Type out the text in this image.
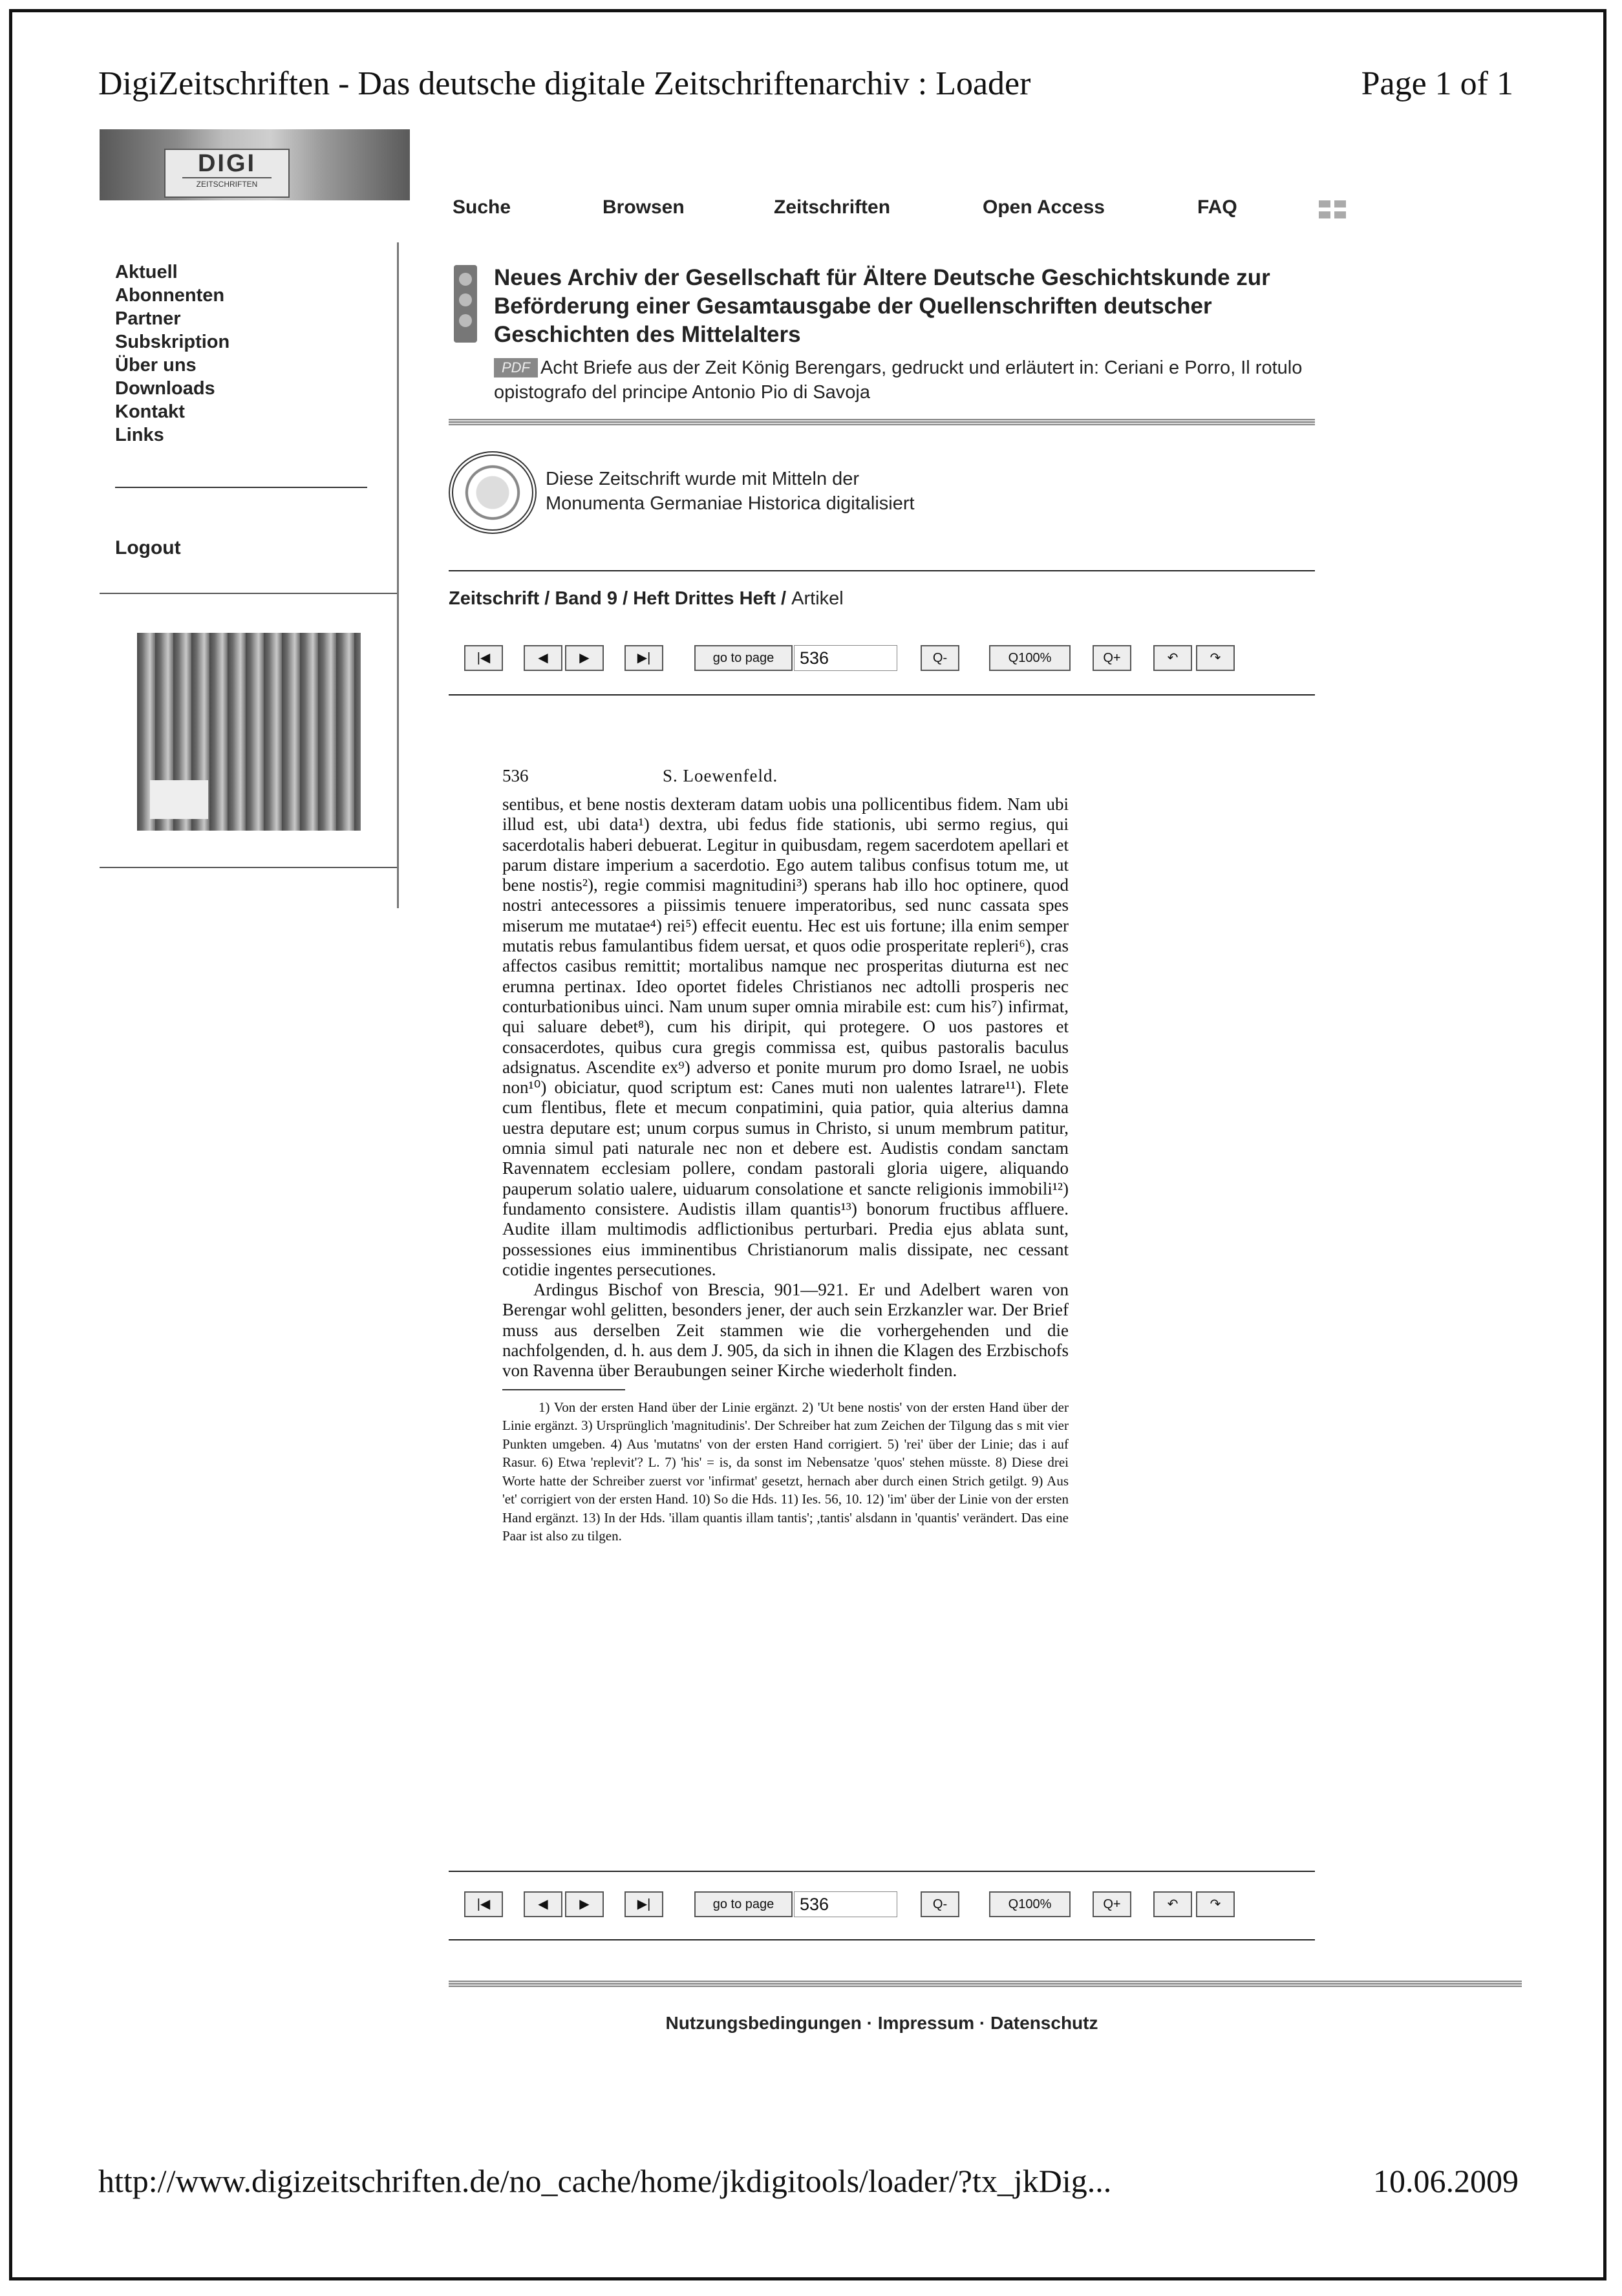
DigiZeitschriften - Das deutsche digitale Zeitschriftenarchiv : Loader	Page 1 of 1
DIGI
ZEITSCHRIFTEN
Suche	Browsen	Zeitschriften	Open Access	FAQ
Aktuell
Abonnenten
Partner
Subskription
Über uns
Downloads
Kontakt
Links
Logout
Neues Archiv der Gesellschaft für Ältere Deutsche Geschichtskunde zur Beförderung einer Gesamtausgabe der Quellenschriften deutscher Geschichten des Mittelalters
PDF Acht Briefe aus der Zeit König Berengars, gedruckt und erläutert in: Ceriani e Porro, Il rotulo opistografo del principe Antonio Pio di Savoja
Diese Zeitschrift wurde mit Mitteln der
Monumenta Germaniae Historica digitalisiert
Zeitschrift / Band 9 / Heft Drittes Heft / Artikel
|◀	◀	▶	▶|	go to page	536	Q-	Q100%	Q+	↶	↷
|◀	◀	▶	▶|	go to page	536	Q-	Q100%	Q+	↶	↷
536	S. Loewenfeld.

sentibus, et bene nostis dexteram datam uobis una pollicentibus fidem. Nam ubi illud est, ubi data¹) dextra, ubi fedus fide stationis, ubi sermo regius, qui sacerdotalis haberi debuerat. Legitur in quibusdam, regem sacerdotem apellari et parum distare imperium a sacerdotio. Ego autem talibus confisus totum me, ut bene nostis²), regie commisi magnitudini³) sperans hab illo hoc optinere, quod nostri antecessores a piissimis tenuere imperatoribus, sed nunc cassata spes miserum me mutatae⁴) rei⁵) effecit euentu. Hec est uis fortune; illa enim semper mutatis rebus famulantibus fidem uersat, et quos odie prosperitate repleri⁶), cras affectos casibus remittit; mortalibus namque nec prosperitas diuturna est nec erumna pertinax. Ideo oportet fideles Christianos nec adtolli prosperis nec conturbationibus uinci. Nam unum super omnia mirabile est: cum his⁷) infirmat, qui saluare debet⁸), cum his diripit, qui protegere. O uos pastores et consacerdotes, quibus cura gregis commissa est, quibus pastoralis baculus adsignatus. Ascendite ex⁹) adverso et ponite murum pro domo Israel, ne uobis non¹⁰) obiciatur, quod scriptum est: Canes muti non ualentes latrare¹¹). Flete cum flentibus, flete et mecum conpatimini, quia patior, quia alterius damna uestra deputare est; unum corpus sumus in Christo, si unum membrum patitur, omnia simul pati naturale nec non et debere est. Audistis condam sanctam Ravennatem ecclesiam pollere, condam pastorali gloria uigere, aliquando pauperum solatio ualere, uiduarum consolatione et sancte religionis immobili¹²) fundamento consistere. Audistis illam quantis¹³) bonorum fructibus affluere. Audite illam multimodis adflictionibus perturbari. Predia ejus ablata sunt, possessiones eius imminentibus Christianorum malis dissipate, nec cessant cotidie ingentes persecutiones.

Ardingus Bischof von Brescia, 901—921. Er und Adelbert waren von Berengar wohl gelitten, besonders jener, der auch sein Erzkanzler war. Der Brief muss aus derselben Zeit stammen wie die vorhergehenden und die nachfolgenden, d. h. aus dem J. 905, da sich in ihnen die Klagen des Erzbischofs von Ravenna über Beraubungen seiner Kirche wiederholt finden.

1) Von der ersten Hand über der Linie ergänzt. 2) 'Ut bene nostis' von der ersten Hand über der Linie ergänzt. 3) Ursprünglich 'magnitudinis'. Der Schreiber hat zum Zeichen der Tilgung das s mit vier Punkten umgeben. 4) Aus 'mutatns' von der ersten Hand corrigiert. 5) 'rei' über der Linie; das i auf Rasur. 6) Etwa 'replevit'? L. 7) 'his' = is, da sonst im Nebensatze 'quos' stehen müsste. 8) Diese drei Worte hatte der Schreiber zuerst vor 'infirmat' gesetzt, hernach aber durch einen Strich getilgt. 9) Aus 'et' corrigiert von der ersten Hand. 10) So die Hds. 11) Ies. 56, 10. 12) 'im' über der Linie von der ersten Hand ergänzt. 13) In der Hds. 'illam quantis illam tantis'; ,tantis' alsdann in 'quantis' verändert. Das eine Paar ist also zu tilgen.
Nutzungsbedingungen · Impressum · Datenschutz
http://www.digizeitschriften.de/no_cache/home/jkdigitools/loader/?tx_jkDig...	10.06.2009
